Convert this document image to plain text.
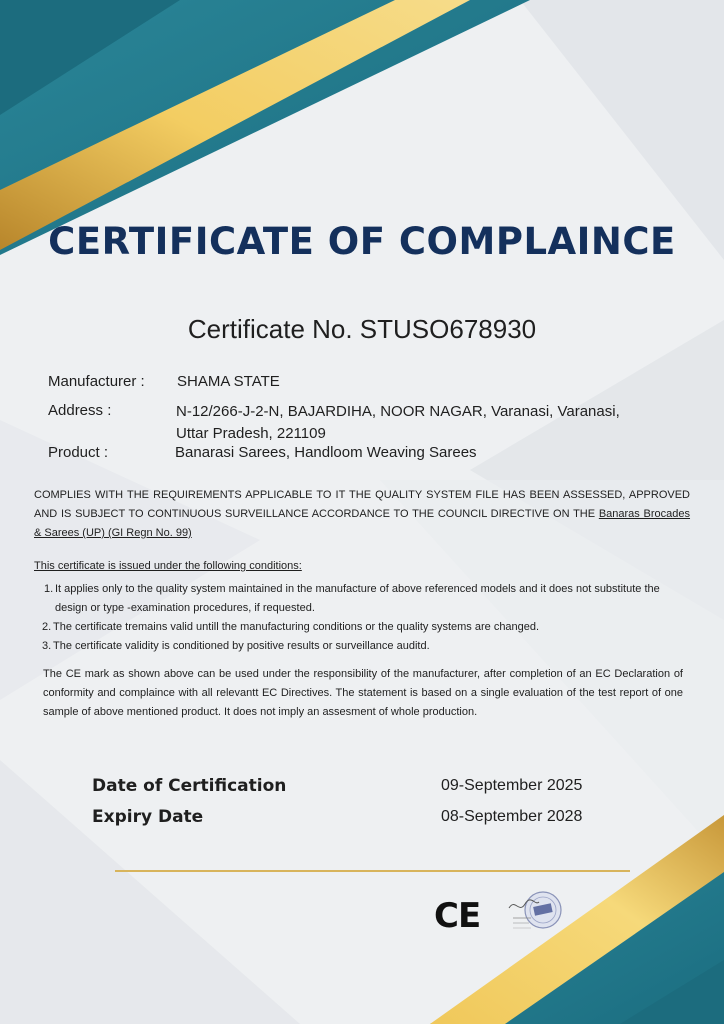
CERTIFICATE OF COMPLAINCE
Certificate No. STUSO678930
Manufacturer : SHAMA STATE
Address :	N-12/266-J-2-N, BAJARDIHA, NOOR NAGAR, Varanasi, Varanasi,
Uttar Pradesh, 221109
Product :	Banarasi Sarees, Handloom Weaving Sarees
COMPLIES WITH THE REQUIREMENTS APPLICABLE TO IT THE QUALITY SYSTEM FILE HAS BEEN ASSESSED, APPROVED AND IS SUBJECT TO CONTINUOUS SURVEILLANCE ACCORDANCE TO THE COUNCIL DIRECTIVE ON THE Banaras Brocades & Sarees (UP) (GI Regn No. 99)
This certificate is issued under the following conditions:
1. It applies only to the quality system maintained in the manufacture of above referenced models and it does not substitute the design or type -examination procedures, if requested.
2. The certificate tremains valid untill the manufacturing conditions or the quality systems are changed.
3. The certificate validity is conditioned by positive results or surveillance auditd.
The CE mark as shown above can be used under the responsibility of the manufacturer, after completion of an EC Declaration of conformity and complaince with all relevantt EC Directives. The statement is based on a single evaluation of the test report of one sample of above mentioned product. It does not imply an assesment of whole production.
Date of Certification	09-September 2025
Expiry Date	08-September 2028
CE
